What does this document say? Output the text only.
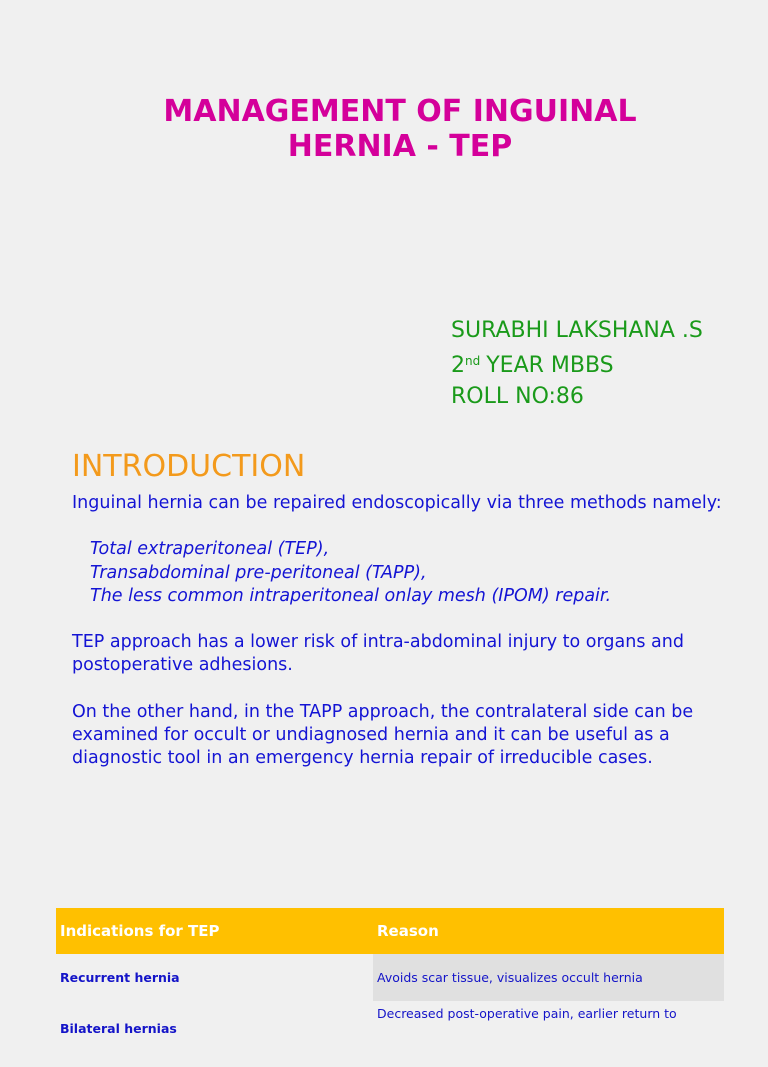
MANAGEMENT OF INGUINAL HERNIA - TEP
SURABHI LAKSHANA .S
2nd YEAR MBBS
ROLL NO:86
INTRODUCTION

Inguinal hernia can be repaired endoscopically via three methods namely:

Total extraperitoneal (TEP),
Transabdominal pre-peritoneal (TAPP),
The less common intraperitoneal onlay mesh (IPOM) repair.

TEP approach has a lower risk of intra-abdominal injury to organs and postoperative adhesions.

On the other hand, in the TAPP approach, the contralateral side can be examined for occult or undiagnosed hernia and it can be useful as a diagnostic tool in an emergency hernia repair of irreducible cases.

Indications for TEP	Reason
Recurrent hernia	Avoids scar tissue, visualizes occult hernia
Bilateral hernias	Decreased post-operative pain, earlier return to
